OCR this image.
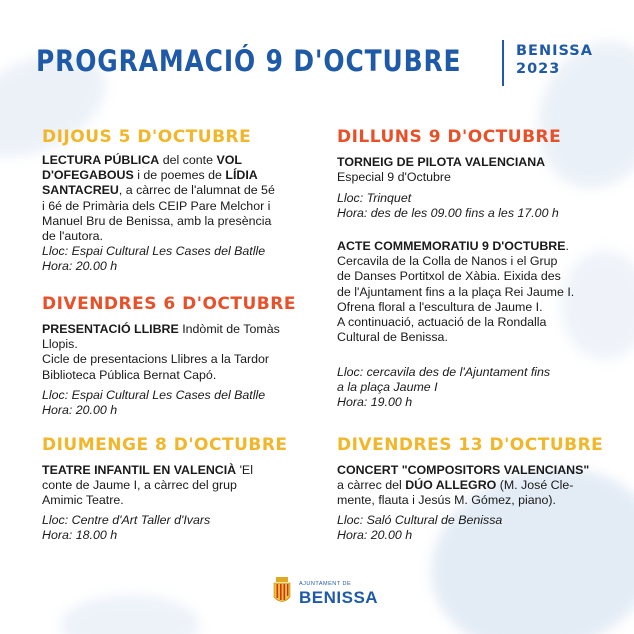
PROGRAMACIÓ 9 D'OCTUBRE	BENISSA
2023
DIJOUS 5 D'OCTUBRE
LECTURA PÚBLICA del conte VOL
D'OFEGABOUS i de poemes de LÍDIA
SANTACREU, a càrrec de l'alumnat de 5é
i 6é de Primària dels CEIP Pare Melchor i
Manuel Bru de Benissa, amb la presència
de l'autora.
Lloc: Espai Cultural Les Cases del Batlle
Hora: 20.00 h
DIVENDRES 6 D'OCTUBRE
PRESENTACIÓ LLIBRE Indòmit de Tomàs
Llopis.
Cicle de presentacions Llibres a la Tardor
Biblioteca Pública Bernat Capó.
Lloc: Espai Cultural Les Cases del Batlle
Hora: 20.00 h
DIUMENGE 8 D'OCTUBRE
TEATRE INFANTIL EN VALENCIÀ 'El
conte de Jaume I, a càrrec del grup
Amimic Teatre.
Lloc: Centre d'Art Taller d'Ivars
Hora: 18.00 h
DILLUNS 9 D'OCTUBRE
TORNEIG DE PILOTA VALENCIANA
Especial 9 d'Octubre
Lloc: Trinquet
Hora: des de les 09.00 fins a les 17.00 h
ACTE COMMEMORATIU 9 D'OCTUBRE.
Cercavila de la Colla de Nanos i el Grup
de Danses Portitxol de Xàbia. Eixida des
de l'Ajuntament fins a la plaça Rei Jaume I.
Ofrena floral a l'escultura de Jaume I.
A continuació, actuació de la Rondalla
Cultural de Benissa.
Lloc: cercavila des de l'Ajuntament fins
a la plaça Jaume I
Hora: 19.00 h
DIVENDRES 13 D'OCTUBRE
CONCERT "COMPOSITORS VALENCIANS"
a càrrec del DÚO ALLEGRO (M. José Cle-
mente, flauta i Jesús M. Gómez, piano).
Lloc: Saló Cultural de Benissa
Hora: 20.00 h
AJUNTAMENT DE
BENISSA
